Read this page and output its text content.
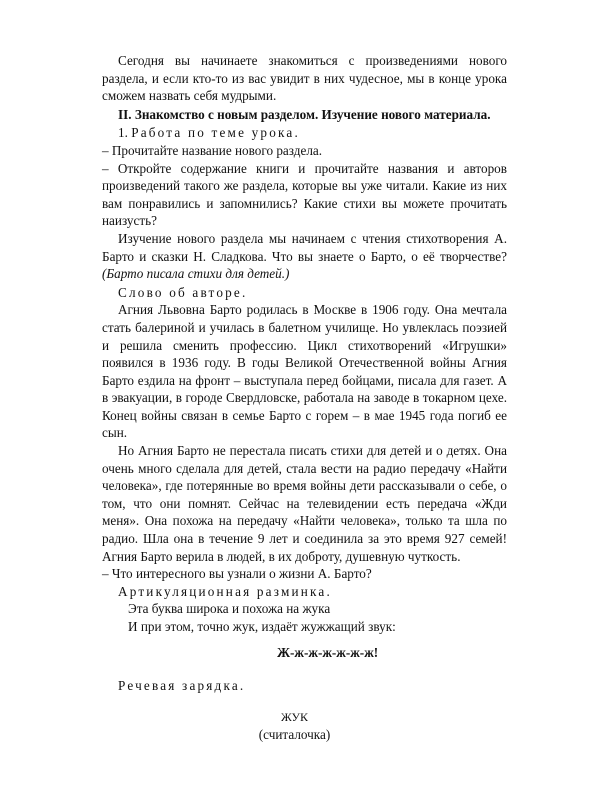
Сегодня вы начинаете знакомиться с произведениями нового раздела, и если кто-то из вас увидит в них чудесное, мы в конце урока сможем назвать себя мудрыми.

II. Знакомство с новым разделом. Изучение нового материала.

1. Работа по теме урока.

– Прочитайте название нового раздела.

– Откройте содержание книги и прочитайте названия и авторов произведений такого же раздела, которые вы уже читали. Какие из них вам понравились и запомнились? Какие стихи вы можете прочитать наизусть?

Изучение нового раздела мы начинаем с чтения стихотворения А. Барто и сказки Н. Сладкова. Что вы знаете о Барто, о её творчестве? (Барто писала стихи для детей.)

Слово об авторе.

Агния Львовна Барто родилась в Москве в 1906 году. Она мечтала стать балериной и училась в балетном училище. Но увлеклась поэзией и решила сменить профессию. Цикл стихотворений «Игрушки» появился в 1936 году. В годы Великой Отечественной войны Агния Барто ездила на фронт – выступала перед бойцами, писала для газет. А в эвакуации, в городе Свердловске, работала на заводе в токарном цехе. Конец войны связан в семье Барто с горем – в мае 1945 года погиб ее сын.

Но Агния Барто не перестала писать стихи для детей и о детях. Она очень много сделала для детей, стала вести на радио передачу «Найти человека», где потерянные во время войны дети рассказывали о себе, о том, что они помнят. Сейчас на телевидении есть передача «Жди меня». Она похожа на передачу «Найти человека», только та шла по радио. Шла она в течение 9 лет и соединила за это время 927 семей! Агния Барто верила в людей, в их доброту, душевную чуткость.

– Что интересного вы узнали о жизни А. Барто?

Артикуляционная разминка.

Эта буква широка и похожа на жука

И при этом, точно жук, издаёт жужжащий звук:

Ж-ж-ж-ж-ж-ж-ж!

Речевая зарядка.

ЖУК

(считалочка)
